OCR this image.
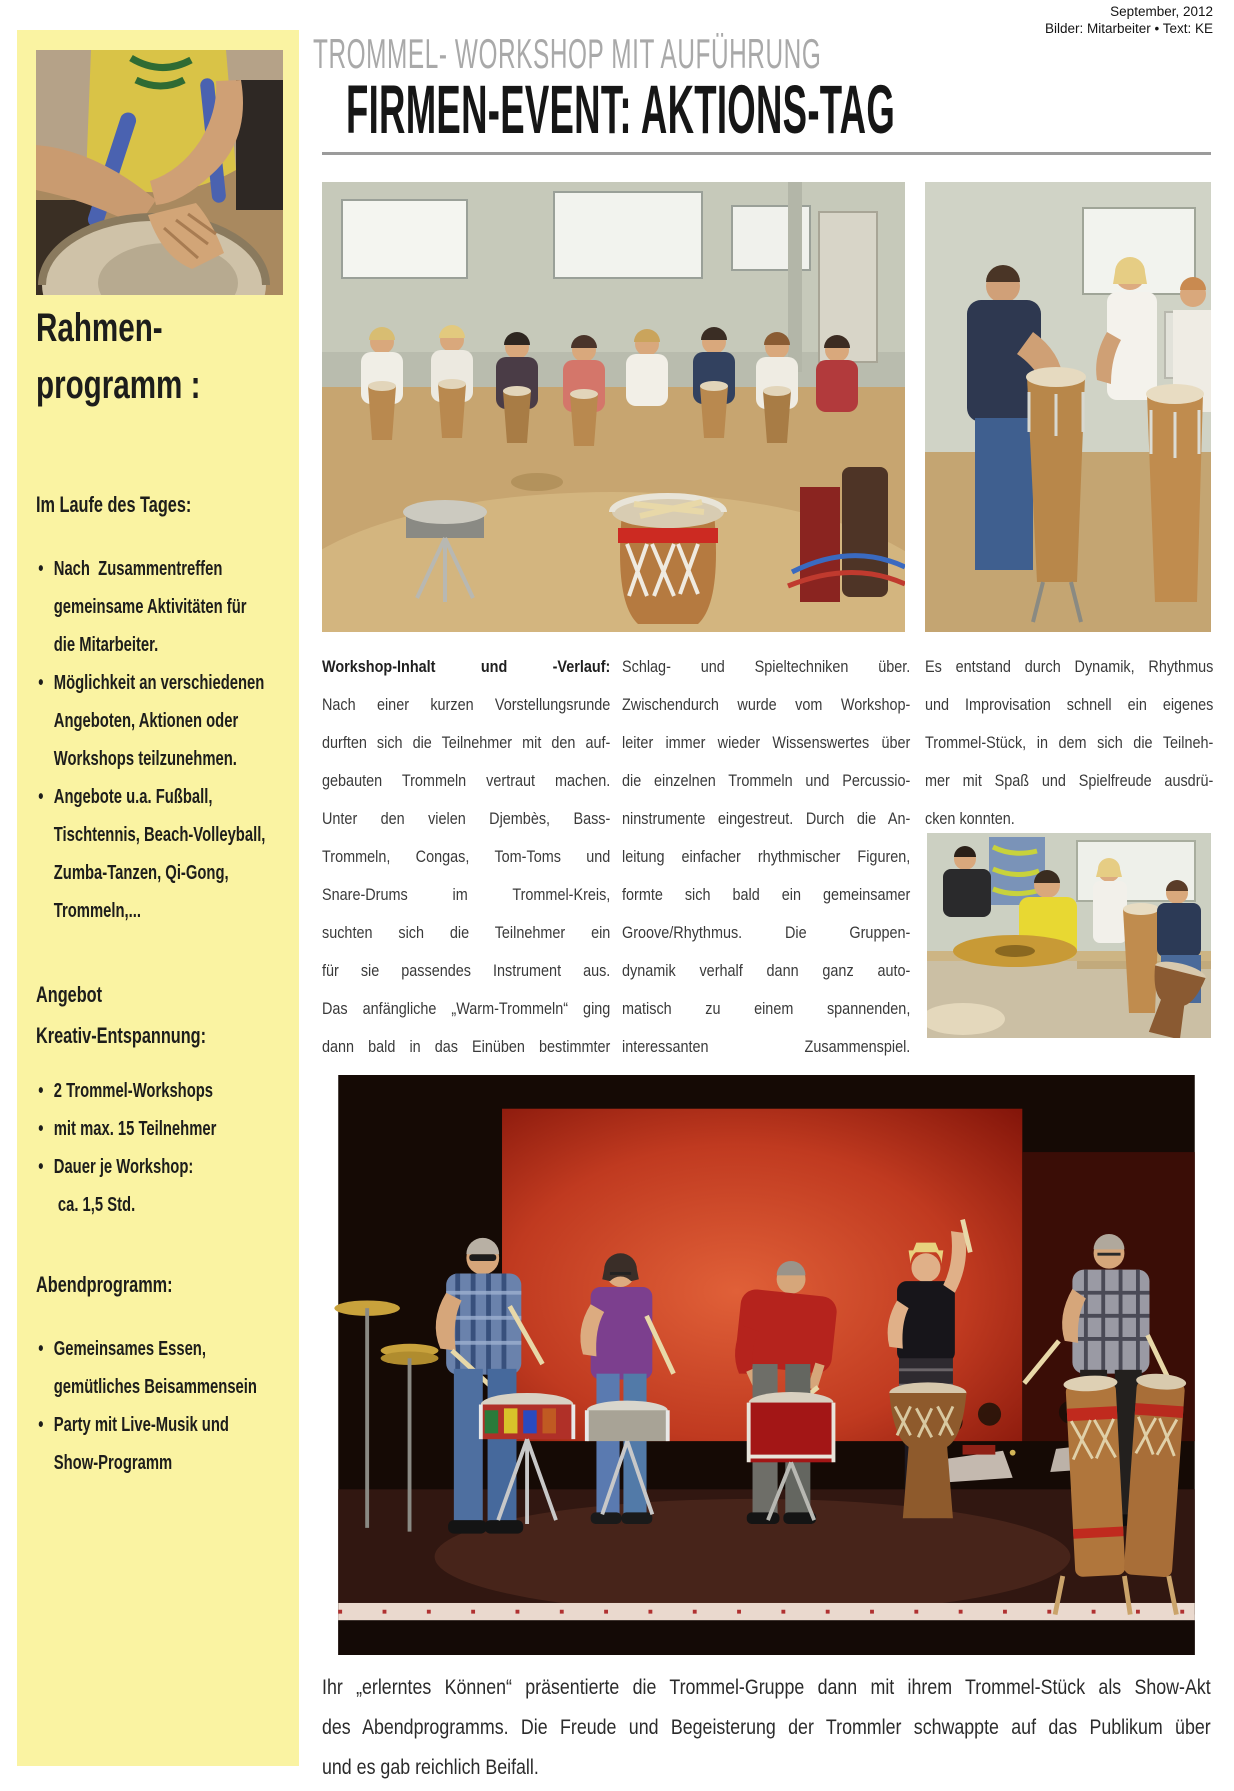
September, 2012
Bilder: Mitarbeiter • Text: KE
Rahmen-
programm :
Im Laufe des Tages:
• Nach  Zusammentreffen
gemeinsame Aktivitäten für
die Mitarbeiter.
• Möglichkeit an verschiedenen
Angeboten, Aktionen oder
Workshops teilzunehmen.
• Angebote u.a. Fußball,
Tischtennis, Beach-Volleyball,
Zumba-Tanzen, Qi-Gong,
Trommeln,...
Angebot
Kreativ-Entspannung:
• 2 Trommel-Workshops
• mit max. 15 Teilnehmer
• Dauer je Workshop:
ca. 1,5 Std.
Abendprogramm:
• Gemeinsames Essen,
gemütliches Beisammensein
• Party mit Live-Musik und
Show-Programm
TROMMEL- WORKSHOP MIT AUFÜHRUNG
FIRMEN-EVENT: AKTIONS-TAG
Workshop-Inhalt und -Verlauf:
Nach einer kurzen Vorstellungsrunde
durften sich die Teilnehmer mit den auf-
gebauten Trommeln vertraut machen.
Unter den vielen Djembès, Bass-
Trommeln, Congas, Tom-Toms und
Snare-Drums im Trommel-Kreis,
suchten sich die Teilnehmer ein
für sie passendes Instrument aus.
Das anfängliche „Warm-Trommeln“ ging
dann bald in das Einüben bestimmter
Schlag- und Spieltechniken über.
Zwischendurch wurde vom Workshop-
leiter immer wieder Wissenswertes über
die einzelnen Trommeln und Percussio-
ninstrumente eingestreut. Durch die An-
leitung einfacher rhythmischer Figuren,
formte sich bald ein gemeinsamer
Groove/Rhythmus. Die Gruppen-
dynamik verhalf dann ganz auto-
matisch zu einem spannenden,
interessanten Zusammenspiel.
Es entstand durch Dynamik, Rhythmus
und Improvisation schnell ein eigenes
Trommel-Stück, in dem sich die Teilneh-
mer mit Spaß und Spielfreude ausdrü-
cken konnten.
Ihr „erlerntes Können“ präsentierte die Trommel-Gruppe dann mit ihrem Trommel-Stück als Show-Akt
des Abendprogramms. Die Freude und Begeisterung der Trommler schwappte auf das Publikum über
und es gab reichlich Beifall.
